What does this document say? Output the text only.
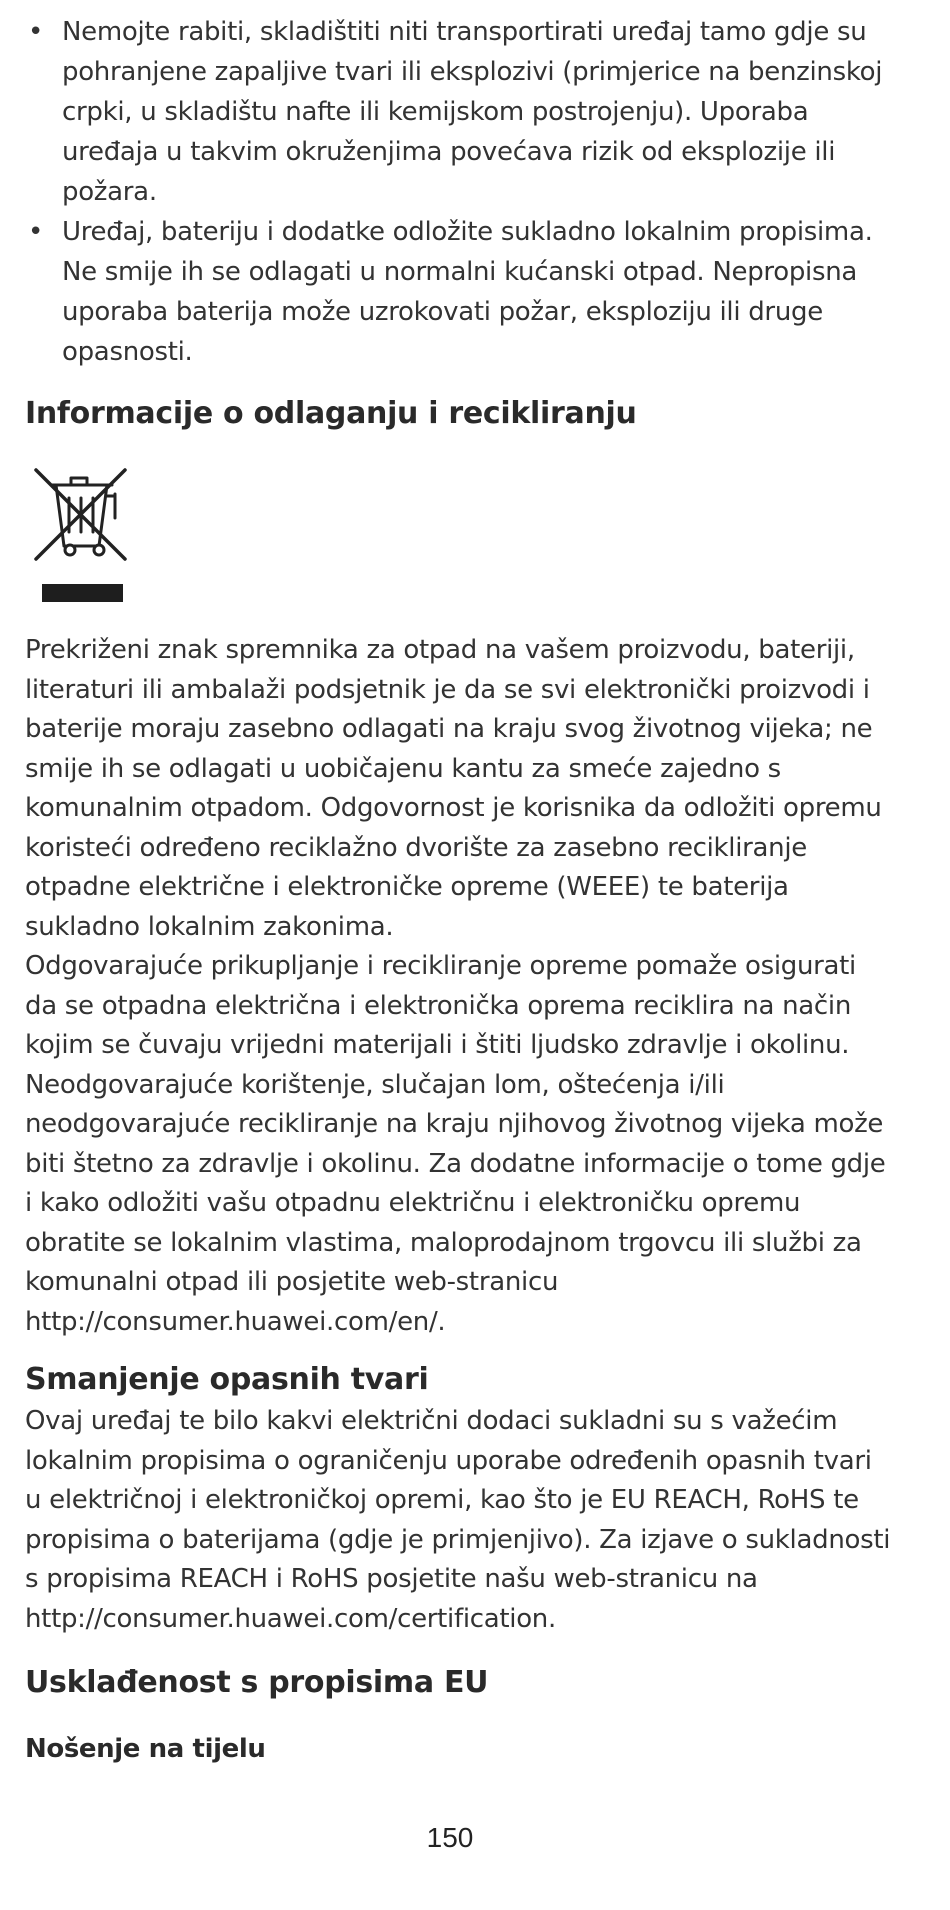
• Nemojte rabiti, skladištiti niti transportirati uređaj tamo gdje su pohranjene zapaljive tvari ili eksplozivi (primjerice na benzinskoj crpki, u skladištu nafte ili kemijskom postrojenju). Uporaba uređaja u takvim okruženjima povećava rizik od eksplozije ili požara.
• Uređaj, bateriju i dodatke odložite sukladno lokalnim propisima. Ne smije ih se odlagati u normalni kućanski otpad. Nepropisna uporaba baterija može uzrokovati požar, eksploziju ili druge opasnosti.
Informacije o odlaganju i recikliranju

Prekriženi znak spremnika za otpad na vašem proizvodu, bateriji, literaturi ili ambalaži podsjetnik je da se svi elektronički proizvodi i baterije moraju zasebno odlagati na kraju svog životnog vijeka; ne smije ih se odlagati u uobičajenu kantu za smeće zajedno s komunalnim otpadom. Odgovornost je korisnika da odložiti opremu koristeći određeno reciklažno dvorište za zasebno recikliranje otpadne električne i elektroničke opreme (WEEE) te baterija sukladno lokalnim zakonima.

Odgovarajuće prikupljanje i recikliranje opreme pomaže osigurati da se otpadna električna i elektronička oprema reciklira na način kojim se čuvaju vrijedni materijali i štiti ljudsko zdravlje i okolinu. Neodgovarajuće korištenje, slučajan lom, oštećenja i/ili neodgovarajuće recikliranje na kraju njihovog životnog vijeka može biti štetno za zdravlje i okolinu. Za dodatne informacije o tome gdje i kako odložiti vašu otpadnu električnu i elektroničku opremu obratite se lokalnim vlastima, maloprodajnom trgovcu ili službi za komunalni otpad ili posjetite web-stranicu http://consumer.huawei.com/en/.

Smanjenje opasnih tvari

Ovaj uređaj te bilo kakvi električni dodaci sukladni su s važećim lokalnim propisima o ograničenju uporabe određenih opasnih tvari u električnoj i elektroničkoj opremi, kao što je EU REACH, RoHS te propisima o baterijama (gdje je primjenjivo). Za izjave o sukladnosti s propisima REACH i RoHS posjetite našu web-stranicu na http://consumer.huawei.com/certification.

Usklađenost s propisima EU
Nošenje na tijelu
150
